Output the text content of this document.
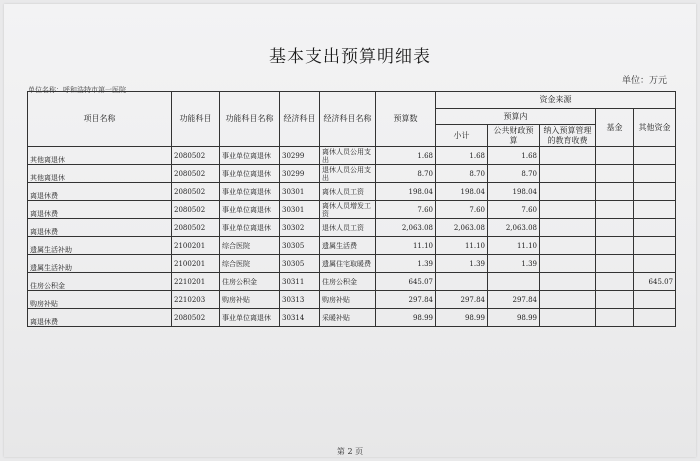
基本支出预算明细表
单位：万元
单位名称：呼和浩特市第一医院
项目名称	功能科目	功能科目名称	经济科目	经济科目名称	预算数	资金来源				
						预算内			基金	其他资金
						小计	公共财政预算	纳入预算管理的教育收费		
其他离退休	2080502	事业单位离退休	30299	离休人员公用支出	1.68	1.68	1.68			
其他离退休	2080502	事业单位离退休	30299	退休人员公用支出	8.70	8.70	8.70			
离退休费	2080502	事业单位离退休	30301	离休人员工资	198.04	198.04	198.04			
离退休费	2080502	事业单位离退休	30301	离休人员增发工资	7.60	7.60	7.60			
离退休费	2080502	事业单位离退休	30302	退休人员工资	2,063.08	2,063.08	2,063.08			
遗属生活补助	2100201	综合医院	30305	遗属生活费	11.10	11.10	11.10			
遗属生活补助	2100201	综合医院	30305	遗属住宅取暖费	1.39	1.39	1.39			
住房公积金	2210201	住房公积金	30311	住房公积金	645.07					645.07
购房补贴	2210203	购房补贴	30313	购房补贴	297.84	297.84	297.84			
离退休费	2080502	事业单位离退休	30314	采暖补贴	98.99	98.99	98.99			
第 2 页
